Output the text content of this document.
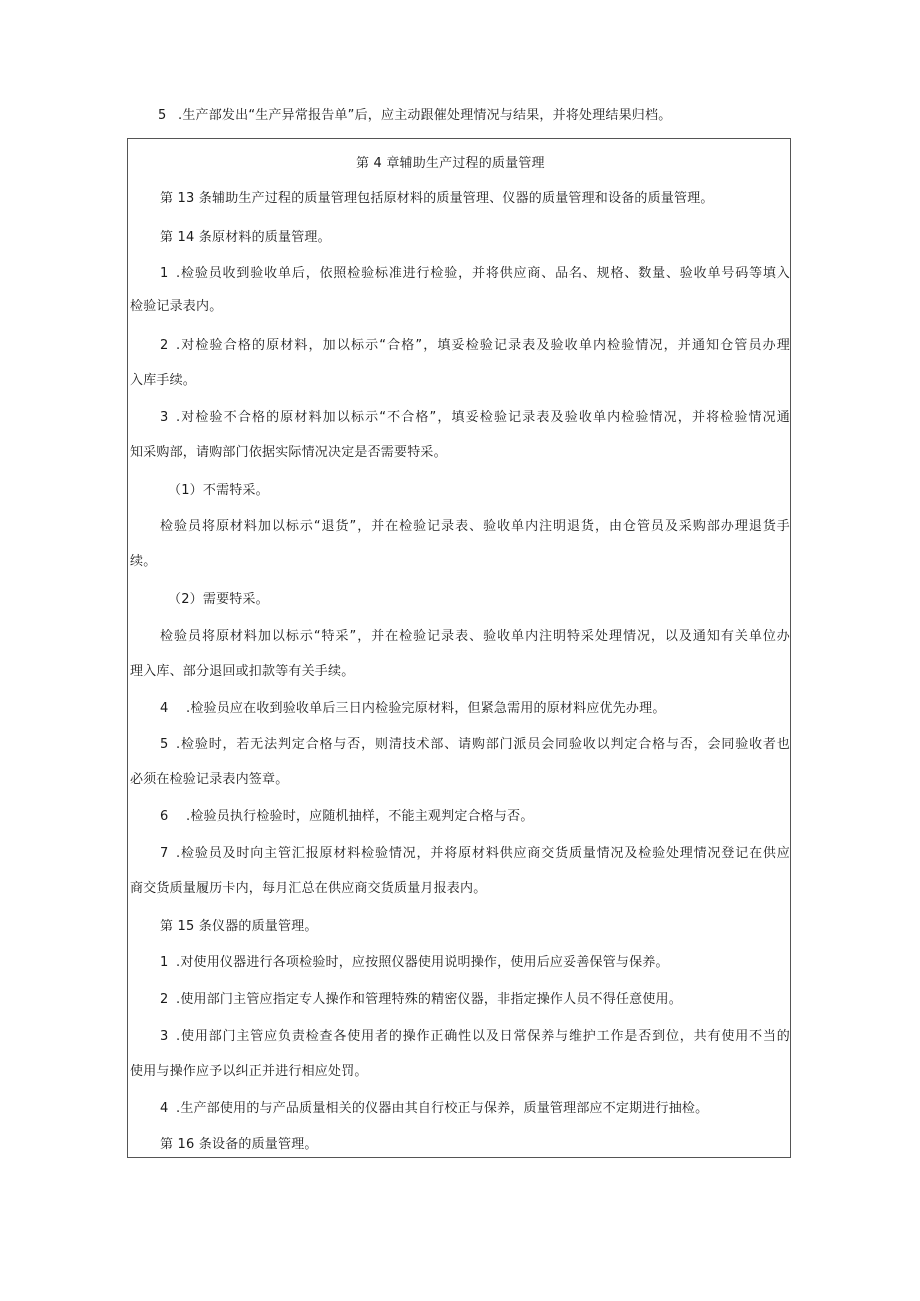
5 .生产部发出“生产异常报告单”后，应主动跟催处理情况与结果，并将处理结果归档。
第 4 章辅助生产过程的质量管理
第 13 条辅助生产过程的质量管理包括原材料的质量管理、仪器的质量管理和设备的质量管理。
第 14 条原材料的质量管理。
1 .检验员收到验收单后，依照检验标准进行检验，并将供应商、品名、规格、数量、验收单号码等填入
检验记录表内。
2 .对检验合格的原材料，加以标示“合格”，填妥检验记录表及验收单内检验情况，并通知仓管员办理
入库手续。
3 .对检验不合格的原材料加以标示“不合格”，填妥检验记录表及验收单内检验情况，并将检验情况通
知采购部，请购部门依据实际情况决定是否需要特采。
（1）不需特采。
检验员将原材料加以标示“退货”，并在检验记录表、验收单内注明退货，由仓管员及采购部办理退货手
续。
（2）需要特采。
检验员将原材料加以标示“特采”，并在检验记录表、验收单内注明特采处理情况，以及通知有关单位办
理入库、部分退回或扣款等有关手续。
4 .检验员应在收到验收单后三日内检验完原材料，但紧急需用的原材料应优先办理。
5 .检验时，若无法判定合格与否，则清技术部、请购部门派员会同验收以判定合格与否，会同验收者也
必须在检验记录表内签章。
6 .检验员执行检验时，应随机抽样，不能主观判定合格与否。
7 .检验员及时向主管汇报原材料检验情况，并将原材料供应商交货质量情况及检验处理情况登记在供应
商交货质量履历卡内，每月汇总在供应商交货质量月报表内。
第 15 条仪器的质量管理。
1 .对使用仪器进行各项检验时，应按照仪器使用说明操作，使用后应妥善保管与保养。
2 .使用部门主管应指定专人操作和管理特殊的精密仪器，非指定操作人员不得任意使用。
3 .使用部门主管应负责检查各使用者的操作正确性以及日常保养与维护工作是否到位，共有使用不当的
使用与操作应予以纠正并进行相应处罚。
4 .生产部使用的与产品质量相关的仪器由其自行校正与保养，质量管理部应不定期进行抽检。
第 16 条设备的质量管理。
